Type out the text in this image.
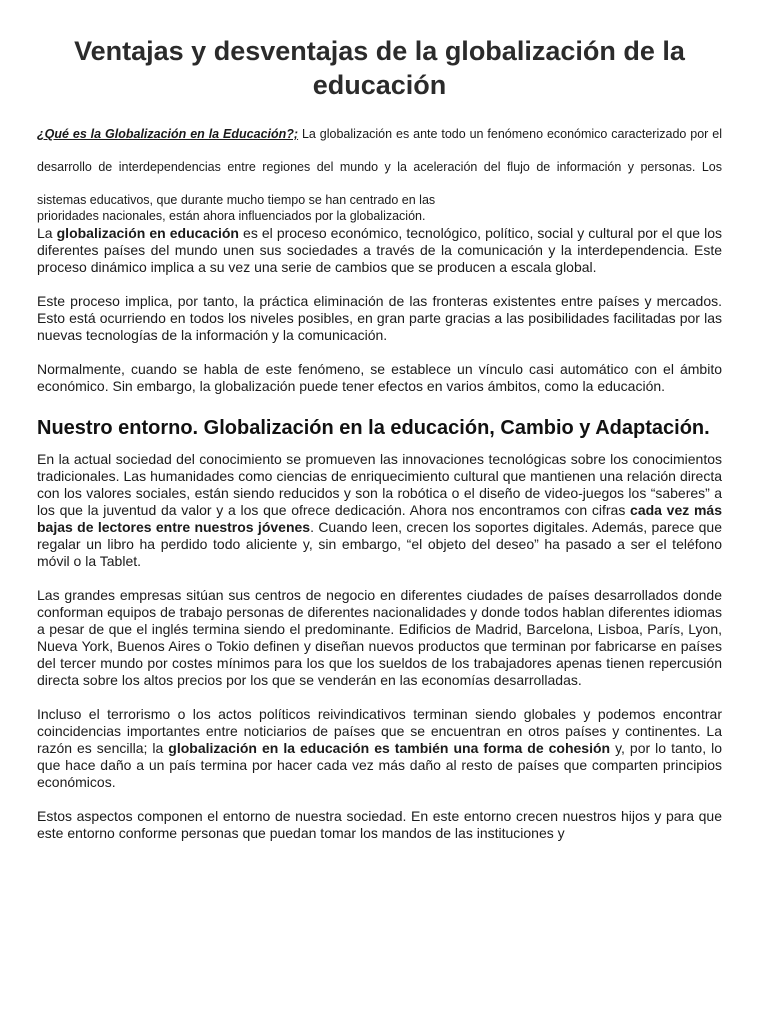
Ventajas y desventajas de la globalización de la educación

¿Qué es la Globalización en la Educación?; La globalización es ante todo un fenómeno económico caracterizado por el desarrollo de interdependencias entre regiones del mundo y la aceleración del flujo de información y personas. Los sistemas educativos, que durante mucho tiempo se han centrado en las

prioridades nacionales, están ahora influenciados por la globalización.

La globalización en educación es el proceso económico, tecnológico, político, social y cultural por el que los diferentes países del mundo unen sus sociedades a través de la comunicación y la interdependencia. Este proceso dinámico implica a su vez una serie de cambios que se producen a escala global.

Este proceso implica, por tanto, la práctica eliminación de las fronteras existentes entre países y mercados. Esto está ocurriendo en todos los niveles posibles, en gran parte gracias a las posibilidades facilitadas por las nuevas tecnologías de la información y la comunicación.

Normalmente, cuando se habla de este fenómeno, se establece un vínculo casi automático con el ámbito económico. Sin embargo, la globalización puede tener efectos en varios ámbitos, como la educación.

Nuestro entorno. Globalización en la educación, Cambio y Adaptación.

En la actual sociedad del conocimiento se promueven las innovaciones tecnológicas sobre los conocimientos tradicionales. Las humanidades como ciencias de enriquecimiento cultural que mantienen una relación directa con los valores sociales, están siendo reducidos y son la robótica o el diseño de video-juegos los “saberes” a los que la juventud da valor y a los que ofrece dedicación. Ahora nos encontramos con cifras cada vez más bajas de lectores entre nuestros jóvenes. Cuando leen, crecen los soportes digitales. Además, parece que regalar un libro ha perdido todo aliciente y, sin embargo, “el objeto del deseo” ha pasado a ser el teléfono móvil o la Tablet.

Las grandes empresas sitúan sus centros de negocio en diferentes ciudades de países desarrollados donde conforman equipos de trabajo personas de diferentes nacionalidades y donde todos hablan diferentes idiomas a pesar de que el inglés termina siendo el predominante. Edificios de Madrid, Barcelona, Lisboa, París, Lyon, Nueva York, Buenos Aires o Tokio definen y diseñan nuevos productos que terminan por fabricarse en países del tercer mundo por costes mínimos para los que los sueldos de los trabajadores apenas tienen repercusión directa sobre los altos precios por los que se venderán en las economías desarrolladas.

Incluso el terrorismo o los actos políticos reivindicativos terminan siendo globales y podemos encontrar coincidencias importantes entre noticiarios de países que se encuentran en otros países y continentes. La razón es sencilla; la globalización en la educación es también una forma de cohesión y, por lo tanto, lo que hace daño a un país termina por hacer cada vez más daño al resto de países que comparten principios económicos.

Estos aspectos componen el entorno de nuestra sociedad. En este entorno crecen nuestros hijos y para que este entorno conforme personas que puedan tomar los mandos de las instituciones y
